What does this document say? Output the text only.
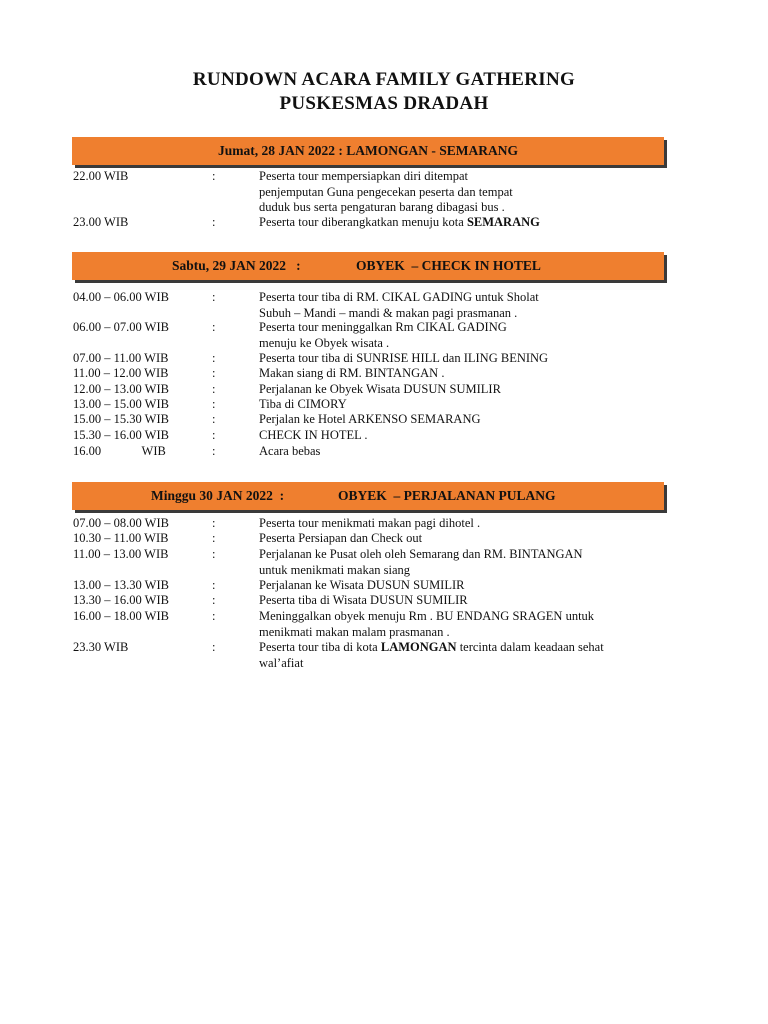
RUNDOWN ACARA FAMILY GATHERING
PUSKESMAS DRADAH
Jumat, 28 JAN 2022 : LAMONGAN - SEMARANG
22.00 WIB	:	Peserta tour mempersiapkan diri ditempat
penjemputan Guna pengecekan peserta dan tempat
duduk bus serta pengaturan barang dibagasi bus .
23.00 WIB	:	Peserta tour diberangkatkan menuju kota SEMARANG

Sabtu, 29 JAN 2022   :

	OBYEK  – CHECK IN HOTEL

04.00 – 06.00 WIB	:	Peserta tour tiba di RM. CIKAL GADING untuk Sholat
Subuh – Mandi – mandi & makan pagi prasmanan .
06.00 – 07.00 WIB	:	Peserta tour meninggalkan Rm CIKAL GADING
menuju ke Obyek wisata .
07.00 – 11.00 WIB	:	Peserta tour tiba di SUNRISE HILL dan ILING BENING
11.00 – 12.00 WIB	:	Makan siang di RM. BINTANGAN .
12.00 – 13.00 WIB	:	Perjalanan ke Obyek Wisata DUSUN SUMILIR
13.00 – 15.00 WIB	:	Tiba di CIMORY
15.00 – 15.30 WIB	:	Perjalan ke Hotel ARKENSO SEMARANG
15.30 – 16.00 WIB	:	CHECK IN HOTEL .
16.00             WIB	:	Acara bebas

Minggu 30 JAN 2022  :

	OBYEK  – PERJALANAN PULANG

07.00 – 08.00 WIB	:	Peserta tour menikmati makan pagi dihotel .
10.30 – 11.00 WIB	:	Peserta Persiapan dan Check out
11.00 – 13.00 WIB	:	Perjalanan ke Pusat oleh oleh Semarang dan RM. BINTANGAN
untuk menikmati makan siang
13.00 – 13.30 WIB	:	Perjalanan ke Wisata DUSUN SUMILIR
13.30 – 16.00 WIB	:	Peserta tiba di Wisata DUSUN SUMILIR
16.00 – 18.00 WIB	:	Meninggalkan obyek menuju Rm . BU ENDANG SRAGEN untuk
menikmati makan malam prasmanan .
23.30 WIB	:	Peserta tour tiba di kota LAMONGAN tercinta dalam keadaan sehat
wal’afiat
